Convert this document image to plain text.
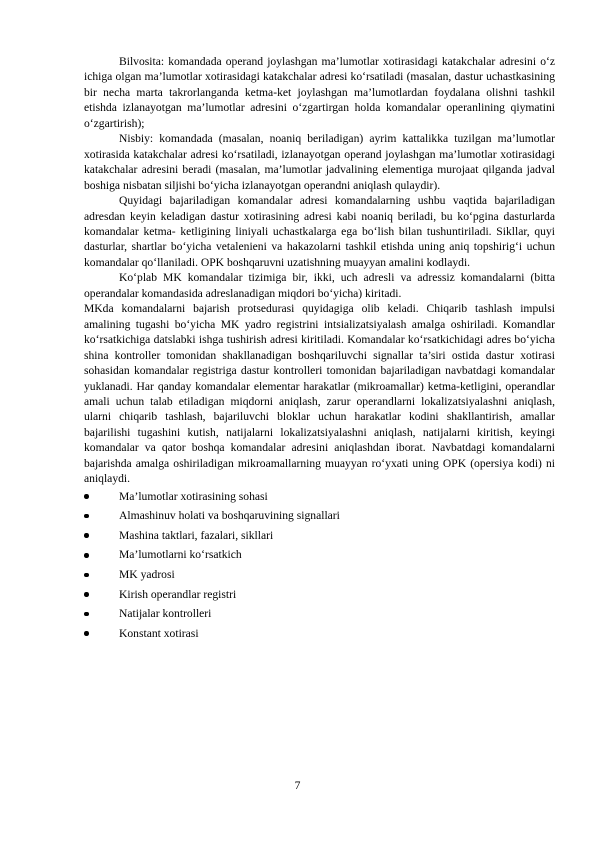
Bilvosita: komandada operand joylashgan ma’lumotlar xotirasidagi katakchalar adresini o‘z ichiga olgan ma’lumotlar xotirasidagi katakchalar adresi ko‘rsatiladi (masalan, dastur uchastkasining bir necha marta takrorlanganda ketma-ket joylashgan ma’lumotlardan foydalana olishni tashkil etishda izlanayotgan ma’lumotlar adresini o‘zgartirgan holda komandalar operanlining qiymatini o‘zgartirish);

Nisbiy: komandada (masalan, noaniq beriladigan) ayrim kattalikka tuzilgan ma’lumotlar xotirasida katakchalar adresi ko‘rsatiladi, izlanayotgan operand joylashgan ma’lumotlar xotirasidagi katakchalar adresini beradi (masalan, ma’lumotlar jadvalining elementiga murojaat qilganda jadval boshiga nisbatan siljishi bo‘yicha izlanayotgan operandni aniqlash qulaydir).

Quyidagi bajariladigan komandalar adresi komandalarning ushbu vaqtida bajariladigan adresdan keyin keladigan dastur xotirasining adresi kabi noaniq beriladi, bu ko‘pgina dasturlarda komandalar ketma- ketligining liniyali uchastkalarga ega bo‘lish bilan tushuntiriladi. Sikllar, quyi dasturlar, shartlar bo‘yicha vetalenieni va hakazolarni tashkil etishda uning aniq topshirig‘i uchun komandalar qo‘llaniladi. OPK boshqaruvni uzatishning muayyan amalini kodlaydi.

Ko‘plab MK komandalar tizimiga bir, ikki, uch adresli va adressiz komandalarni (bitta operandalar komandasida adreslanadigan miqdori bo‘yicha) kiritadi.

MKda komandalarni bajarish protsedurasi quyidagiga olib keladi. Chiqarib tashlash impulsi amalining tugashi bo‘yicha MK yadro registrini intsializatsiyalash amalga oshiriladi. Komandlar ko‘rsatkichiga datslabki ishga tushirish adresi kiritiladi. Komandalar ko‘rsatkichidagi adres bo‘yicha shina kontroller tomonidan shakllanadigan boshqariluvchi signallar ta’siri ostida dastur xotirasi sohasidan komandalar registriga dastur kontrolleri tomonidan bajariladigan navbatdagi komandalar yuklanadi. Har qanday komandalar elementar harakatlar (mikroamallar) ketma-ketligini, operandlar amali uchun talab etiladigan miqdorni aniqlash, zarur operandlarni lokalizatsiyalashni aniqlash, ularni chiqarib tashlash, bajariluvchi bloklar uchun harakatlar kodini shakllantirish, amallar bajarilishi tugashini kutish, natijalarni lokalizatsiyalashni aniqlash, natijalarni kiritish, keyingi komandalar va qator boshqa komandalar adresini aniqlashdan iborat. Navbatdagi komandalarni bajarishda amalga oshiriladigan mikroamallarning muayyan ro‘yxati uning OPK (opersiya kodi) ni aniqlaydi.

Ma’lumotlar xotirasining sohasi
Almashinuv holati va boshqaruvining signallari
Mashina taktlari, fazalari, sikllari
Ma’lumotlarni ko‘rsatkich
MK yadrosi
Kirish operandlar registri
Natijalar kontrolleri
Konstant xotirasi
7
